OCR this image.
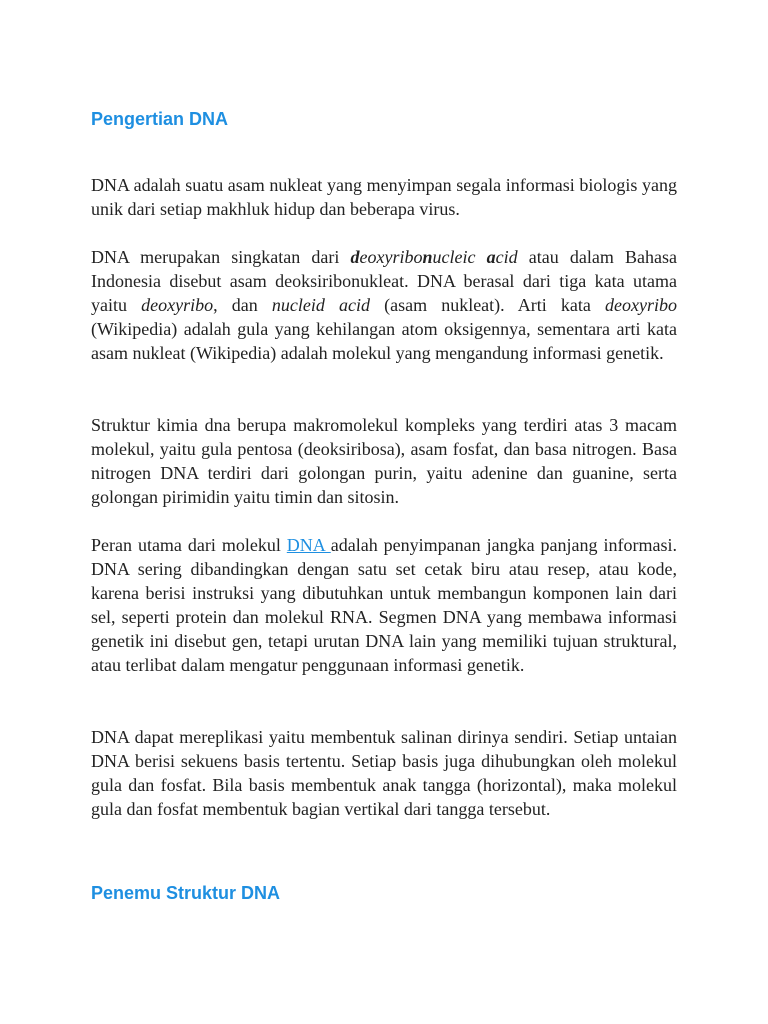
Pengertian DNA

DNA adalah suatu asam nukleat yang menyimpan segala informasi biologis yang unik dari setiap makhluk hidup dan beberapa virus.

DNA merupakan singkatan dari deoxyribonucleic acid atau dalam Bahasa Indonesia disebut asam deoksiribonukleat. DNA berasal dari tiga kata utama yaitu deoxyribo, dan nucleid acid (asam nukleat). Arti kata deoxyribo (Wikipedia) adalah gula yang kehilangan atom oksigennya, sementara arti kata asam nukleat (Wikipedia) adalah molekul yang mengandung informasi genetik.

Struktur kimia dna berupa makromolekul kompleks yang terdiri atas 3 macam molekul, yaitu gula pentosa (deoksiribosa), asam fosfat, dan basa nitrogen. Basa nitrogen DNA terdiri dari golongan purin, yaitu adenine dan guanine, serta golongan pirimidin yaitu timin dan sitosin.

Peran utama dari molekul DNA adalah penyimpanan jangka panjang informasi. DNA sering dibandingkan dengan satu set cetak biru atau resep, atau kode, karena berisi instruksi yang dibutuhkan untuk membangun komponen lain dari sel, seperti protein dan molekul RNA. Segmen DNA yang membawa informasi genetik ini disebut gen, tetapi urutan DNA lain yang memiliki tujuan struktural, atau terlibat dalam mengatur penggunaan informasi genetik.

DNA dapat mereplikasi yaitu membentuk salinan dirinya sendiri. Setiap untaian DNA berisi sekuens basis tertentu. Setiap basis juga dihubungkan oleh molekul gula dan fosfat. Bila basis membentuk anak tangga (horizontal), maka molekul gula dan fosfat membentuk bagian vertikal dari tangga tersebut.

Penemu Struktur DNA
